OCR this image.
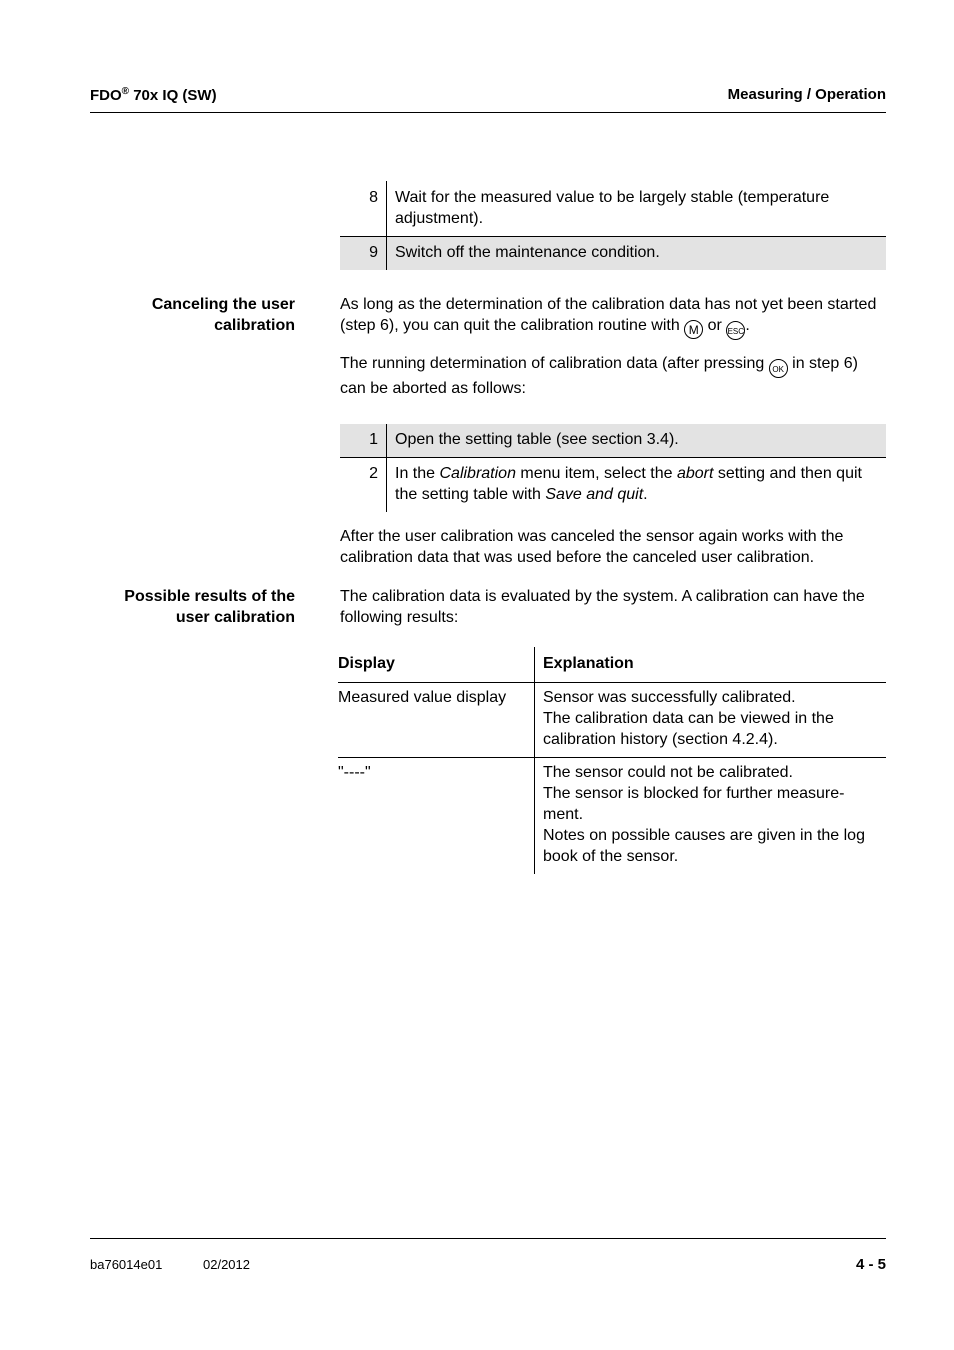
FDO® 70x IQ (SW)	Measuring / Operation
8 Wait for the measured value to be largely stable (temperature adjustment).
9 Switch off the maintenance condition.
Canceling the user
calibration
As long as the determination of the calibration data has not yet been started (step 6), you can quit the calibration routine with M or ESC.
The running determination of calibration data (after pressing OK in step 6) can be aborted as follows:
1 Open the setting table (see section 3.4).
2 In the Calibration menu item, select the abort setting and then quit the setting table with Save and quit.
After the user calibration was canceled the sensor again works with the calibration data that was used before the canceled user calibration.
Possible results of the
user calibration
The calibration data is evaluated by the system. A calibration can have the following results:
Display	Explanation
Measured value display	Sensor was successfully calibrated.
The calibration data can be viewed in the calibration history (section 4.2.4).
"----"	The sensor could not be calibrated.
The sensor is blocked for further measure-ment.
Notes on possible causes are given in the log book of the sensor.
ba76014e01	02/2012	4 - 5
